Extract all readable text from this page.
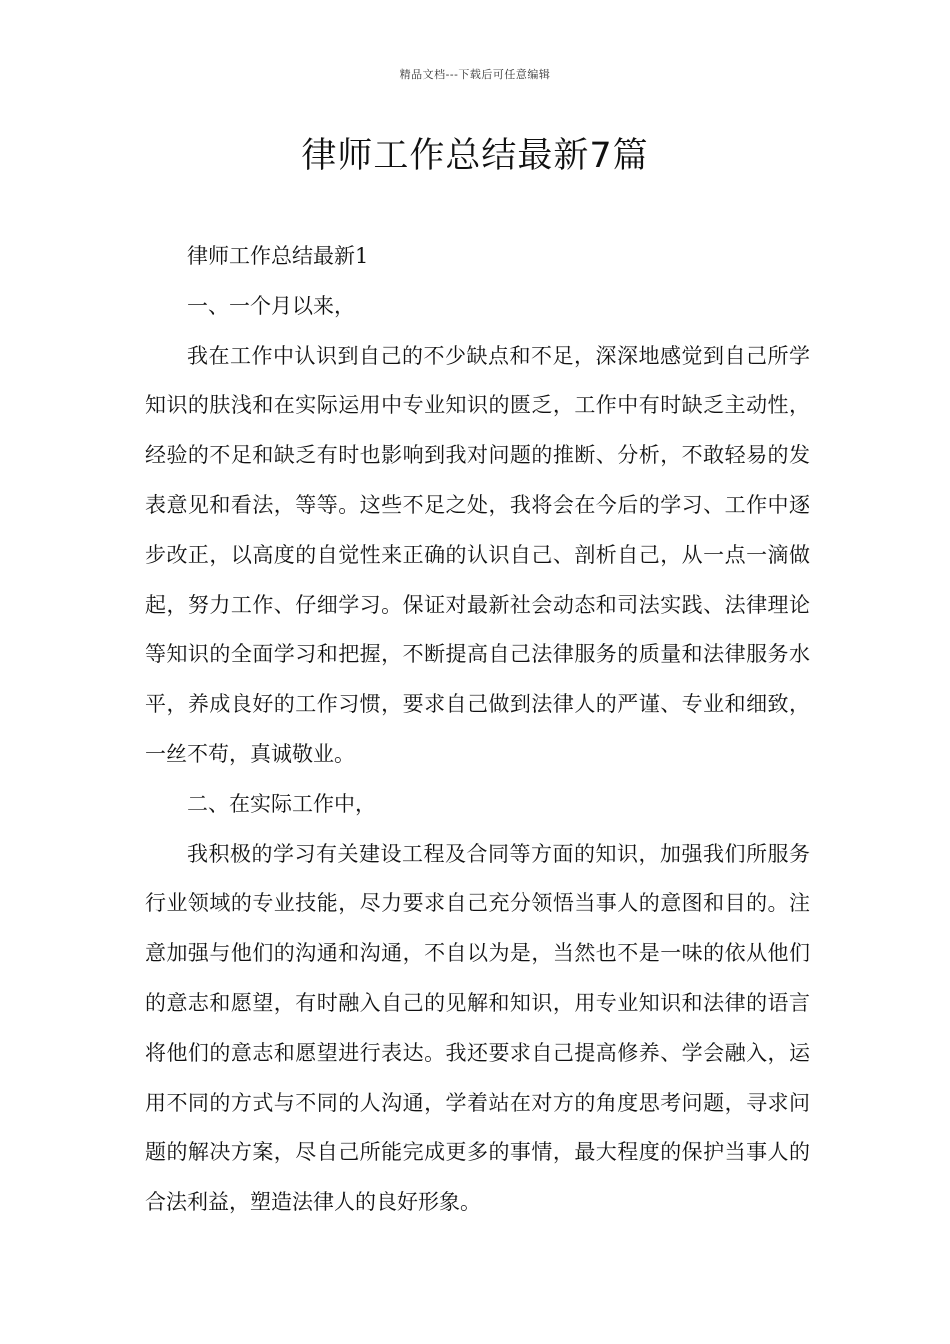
精品文档---下载后可任意编辑
律师工作总结最新7篇

律师工作总结最新1

一、一个月以来，

我在工作中认识到自己的不少缺点和不足，深深地感觉到自己所学知识的肤浅和在实际运用中专业知识的匮乏，工作中有时缺乏主动性，经验的不足和缺乏有时也影响到我对问题的推断、分析，不敢轻易的发表意见和看法，等等。这些不足之处，我将会在今后的学习、工作中逐步改正，以高度的自觉性来正确的认识自己、剖析自己，从一点一滴做起，努力工作、仔细学习。保证对最新社会动态和司法实践、法律理论等知识的全面学习和把握，不断提高自己法律服务的质量和法律服务水平，养成良好的工作习惯，要求自己做到法律人的严谨、专业和细致，一丝不苟，真诚敬业。

二、在实际工作中，

我积极的学习有关建设工程及合同等方面的知识，加强我们所服务行业领域的专业技能，尽力要求自己充分领悟当事人的意图和目的。注意加强与他们的沟通和沟通，不自以为是，当然也不是一味的依从他们的意志和愿望，有时融入自己的见解和知识，用专业知识和法律的语言将他们的意志和愿望进行表达。我还要求自己提高修养、学会融入，运用不同的方式与不同的人沟通，学着站在对方的角度思考问题，寻求问题的解决方案，尽自己所能完成更多的事情，最大程度的保护当事人的合法利益，塑造法律人的良好形象。
